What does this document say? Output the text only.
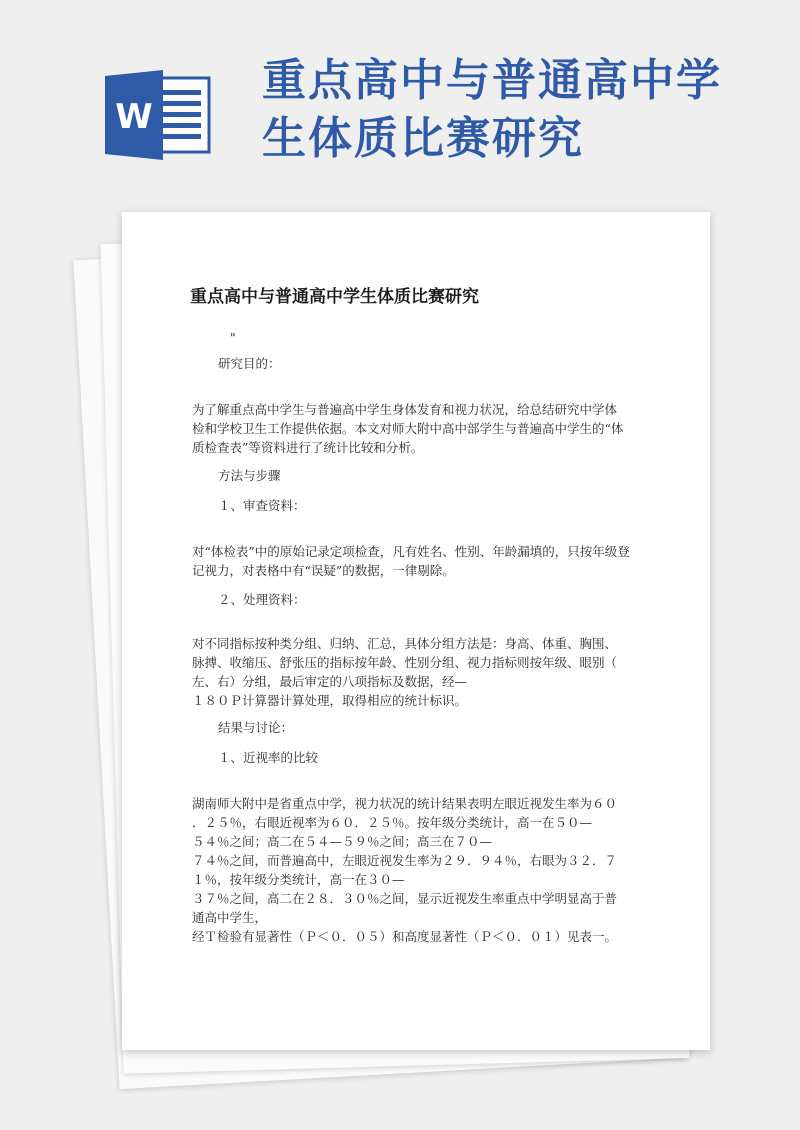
W
重点高中与普通高中学
生体质比赛研究
重点高中与普通高中学生体质比赛研究
"
研究目的：
为了解重点高中学生与普遍高中学生身体发育和视力状况，给总结研究中学体
检和学校卫生工作提供依据。本文对师大附中高中部学生与普遍高中学生的“体
质检查表”等资料进行了统计比较和分析。
方法与步骤
１、审查资料：
对“体检表”中的原始记录定项检查，凡有姓名、性别、年龄漏填的，只按年级登
记视力，对表格中有“误疑”的数据，一律剔除。
２、处理资料：
对不同指标按种类分组、归纳、汇总，具体分组方法是：身高、体重、胸围、
脉搏、收缩压、舒张压的指标按年龄、性别分组、视力指标则按年级、眼别（
左、右）分组，最后审定的八项指标及数据，经—
１８０Ｐ计算器计算处理，取得相应的统计标识。
结果与讨论：
１、近视率的比较
湖南师大附中是省重点中学，视力状况的统计结果表明左眼近视发生率为６０
．２５％，右眼近视率为６０．２５％。按年级分类统计，高一在５０—
５４％之间；高二在５４—５９％之间；高三在７０—
７４％之间，而普遍高中，左眼近视发生率为２９．９４％，右眼为３２．７
１％，按年级分类统计，高一在３０—
３７％之间，高二在２８．３０％之间，显示近视发生率重点中学明显高于普
通高中学生，
经Ｔ检验有显著性（Ｐ＜０．０５）和高度显著性（Ｐ＜０．０１）见表一。
